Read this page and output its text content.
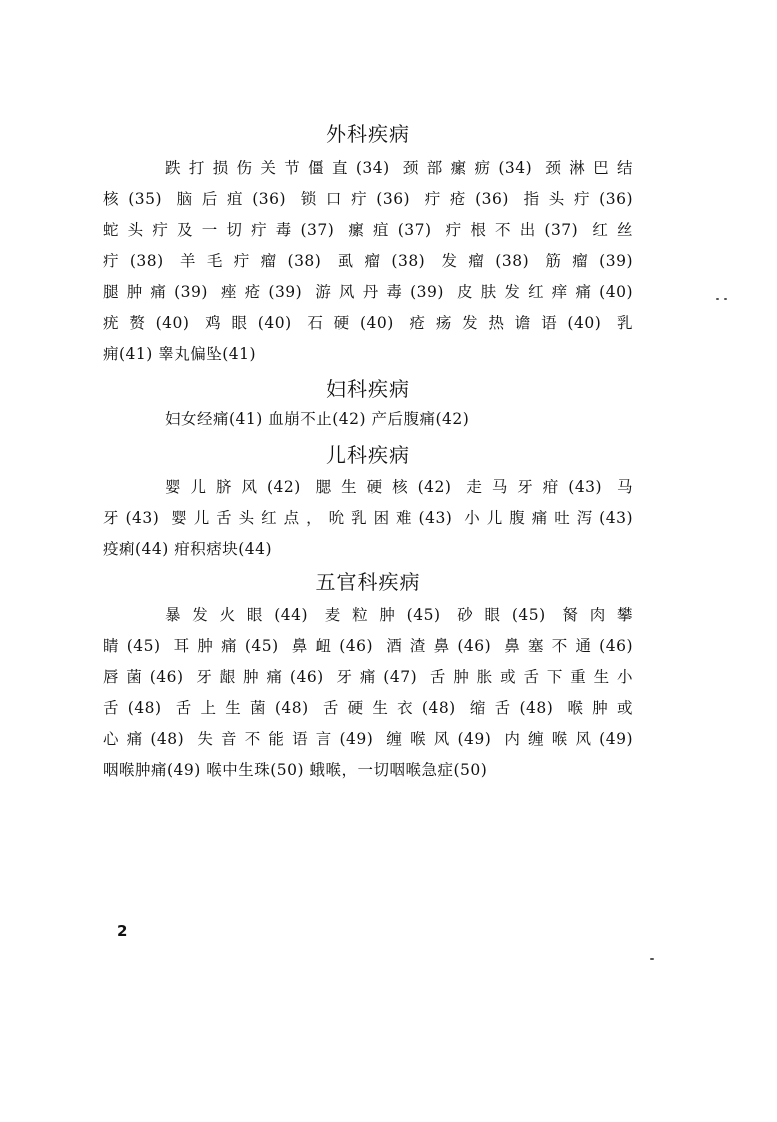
外科疾病
跌打损伤关节僵直(34) 颈部瘰疬(34) 颈淋巴结
核(35) 脑后疽(36) 锁口疔(36) 疔疮(36) 指头疔(36)
蛇头疔及一切疔毒(37) 瘰疽(37) 疔根不出(37) 红丝
疔(38) 羊毛疔瘤(38) 虱瘤(38) 发瘤(38) 筋瘤(39)
腿肿痛(39) 痤疮(39) 游风丹毒(39) 皮肤发红痒痛(40)
疣赘(40) 鸡眼(40) 石硬(40) 疮疡发热谵语(40) 乳
痈(41) 睾丸偏坠(41)
妇科疾病
妇女经痛(41) 血崩不止(42) 产后腹痛(42)
儿科疾病
婴儿脐风(42) 腮生硬核(42) 走马牙疳(43) 马
牙(43) 婴儿舌头红点，吮乳困难(43) 小儿腹痛吐泻(43)
疫痢(44) 疳积痞块(44)
五官科疾病
暴发火眼(44) 麦粒肿(45) 砂眼(45) 胬肉攀
睛(45) 耳肿痛(45) 鼻衄(46) 酒渣鼻(46) 鼻塞不通(46)
唇菌(46) 牙龈肿痛(46) 牙痛(47) 舌肿胀或舌下重生小
舌(48) 舌上生菌(48) 舌硬生衣(48) 缩舌(48) 喉肿或
心痛(48) 失音不能语言(49) 缠喉风(49) 内缠喉风(49)
咽喉肿痛(49) 喉中生珠(50) 蛾喉，一切咽喉急症(50)
2
